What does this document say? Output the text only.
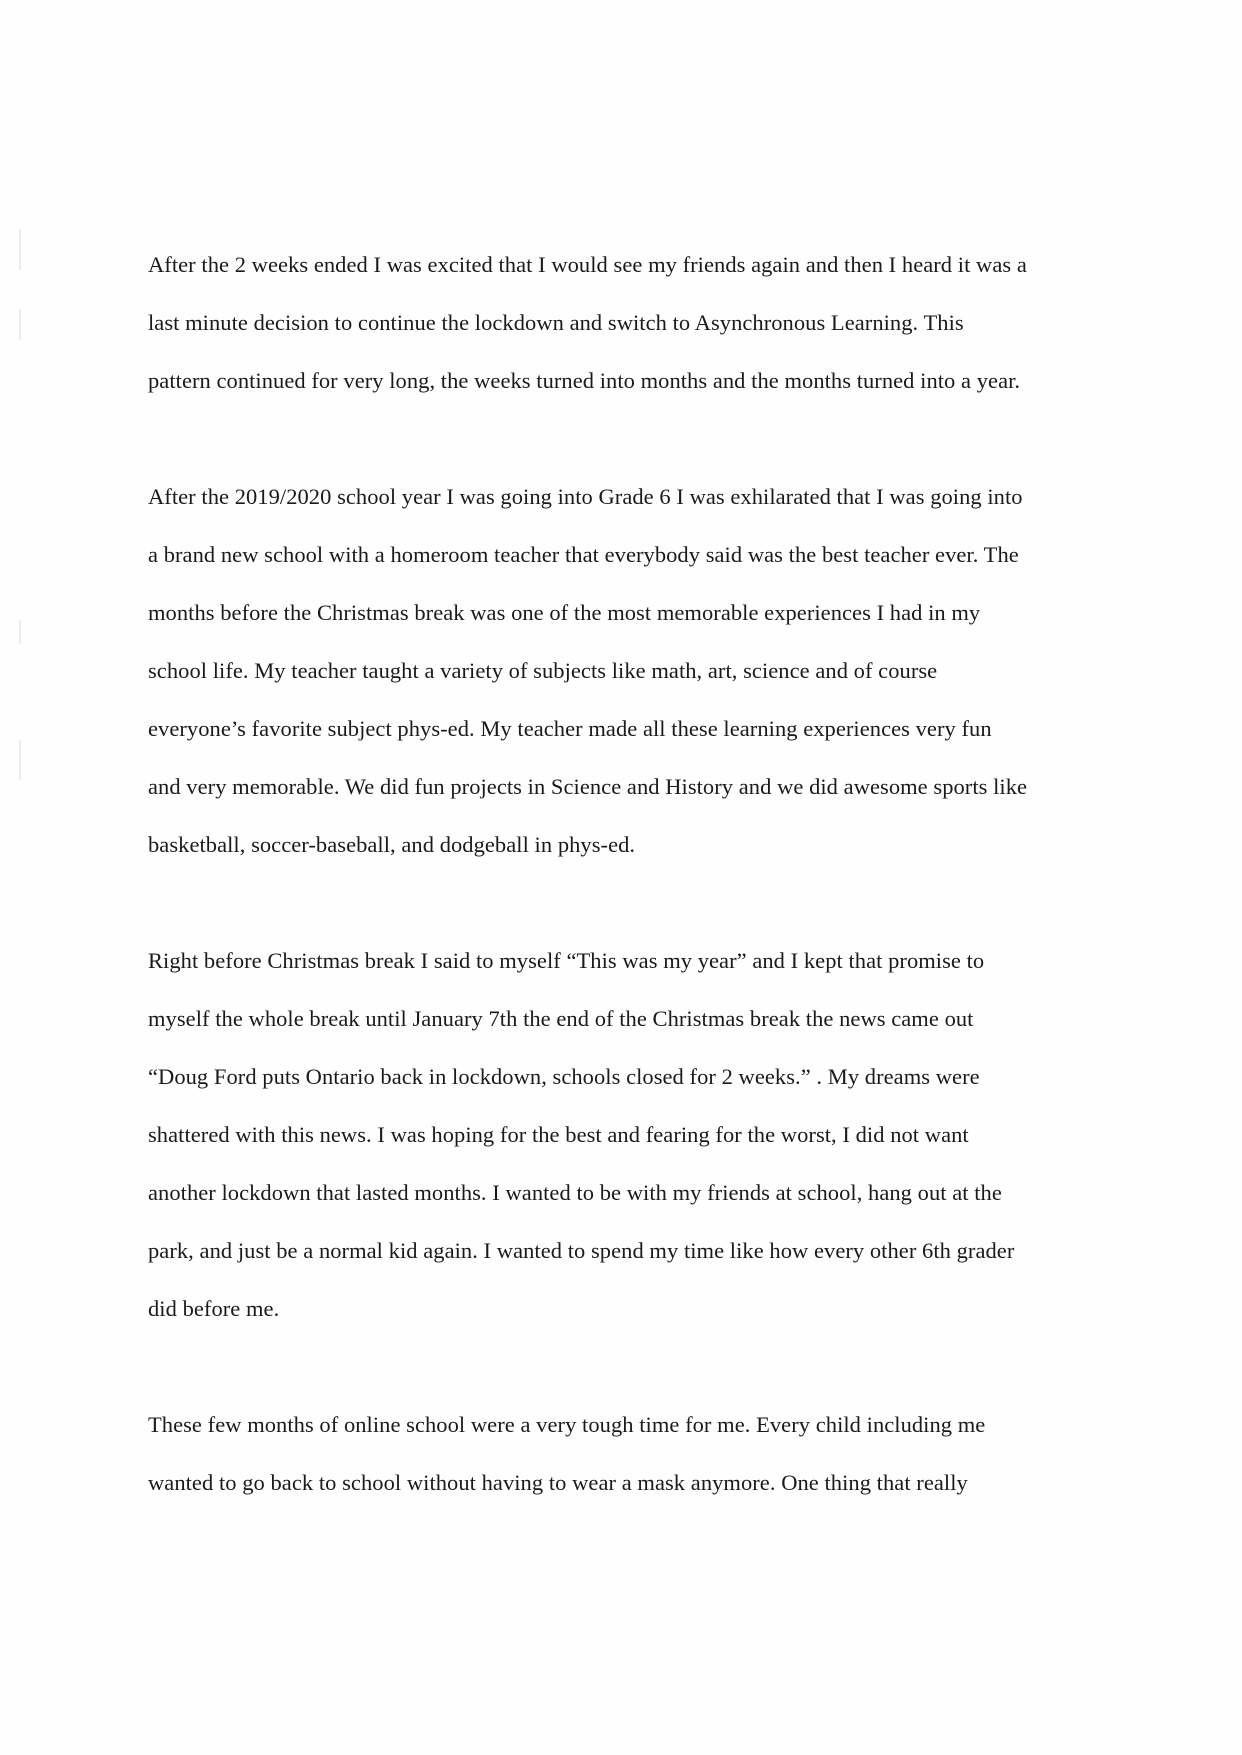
After the 2 weeks ended I was excited that I would see my friends again and then I heard it was a
last minute decision to continue the lockdown and switch to Asynchronous Learning. This
pattern continued for very long, the weeks turned into months and the months turned into a year.

After the 2019/2020 school year I was going into Grade 6 I was exhilarated that I was going into
a brand new school with a homeroom teacher that everybody said was the best teacher ever. The
months before the Christmas break was one of the most memorable experiences I had in my
school life. My teacher taught a variety of subjects like math, art, science and of course
everyone’s favorite subject phys-ed. My teacher made all these learning experiences very fun
and very memorable. We did fun projects in Science and History and we did awesome sports like
basketball, soccer-baseball, and dodgeball in phys-ed.

Right before Christmas break I said to myself “This was my year” and I kept that promise to
myself the whole break until January 7th the end of the Christmas break the news came out
“Doug Ford puts Ontario back in lockdown, schools closed for 2 weeks.” . My dreams were
shattered with this news. I was hoping for the best and fearing for the worst, I did not want
another lockdown that lasted months. I wanted to be with my friends at school, hang out at the
park, and just be a normal kid again. I wanted to spend my time like how every other 6th grader
did before me.

These few months of online school were a very tough time for me. Every child including me
wanted to go back to school without having to wear a mask anymore. One thing that really
